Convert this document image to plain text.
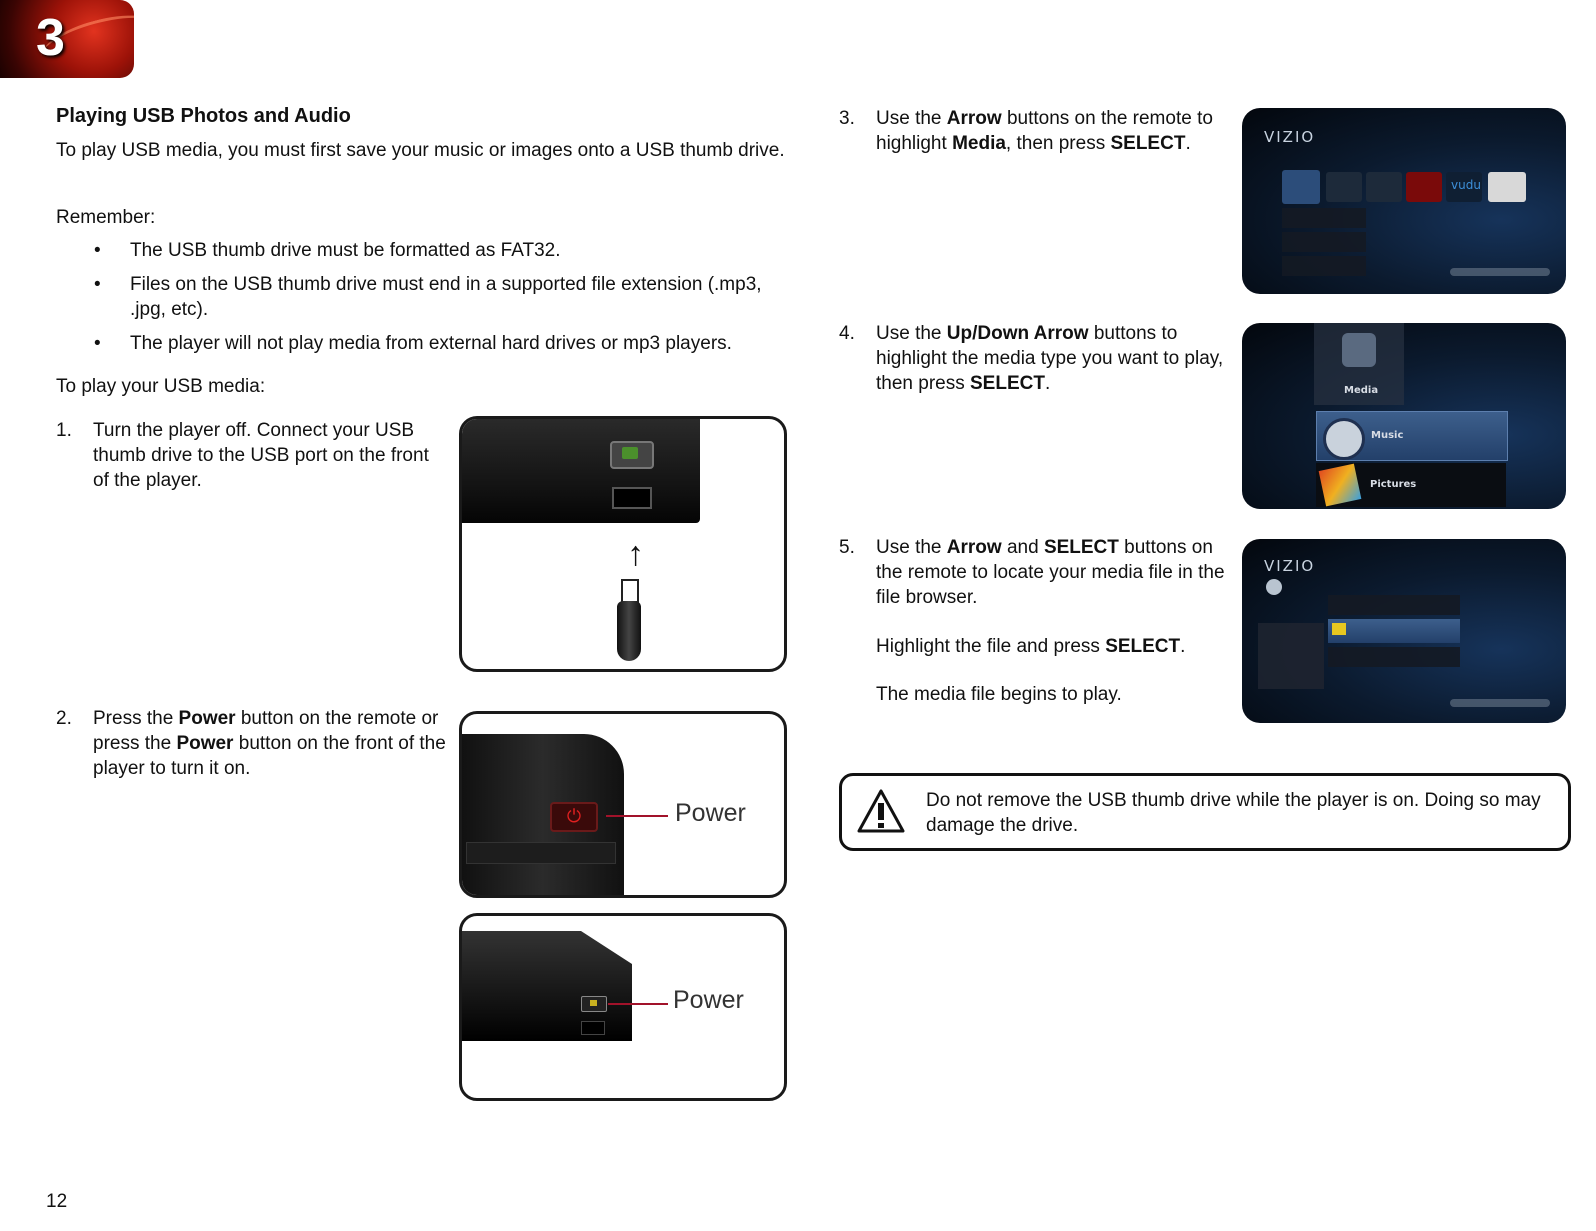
3
Playing USB Photos and Audio
To play USB media, you must first save your music or images onto a USB thumb drive.
Remember:
• The USB thumb drive must be formatted as FAT32.
• Files on the USB thumb drive must end in a supported file extension (.mp3, .jpg, etc).
• The player will not play media from external hard drives or mp3 players.
To play your USB media:
1. Turn the player off. Connect your USB thumb drive to the USB port on the front of the player.
↑
2. Press the Power button on the remote or press the Power button on the front of the player to turn it on.
⏻	Power
Power
3. Use the Arrow buttons on the remote to highlight Media, then press SELECT.	VIZIO
vudu
4. Use the Up/Down Arrow buttons to highlight the media type you want to play, then press SELECT.	Media
Music
Pictures
5. Use the Arrow and SELECT buttons on the remote to locate your media file in the file browser.
Highlight the file and press SELECT.
The media file begins to play.
VIZIO
Do not remove the USB thumb drive while the player is on. Doing so may damage the drive.
12
